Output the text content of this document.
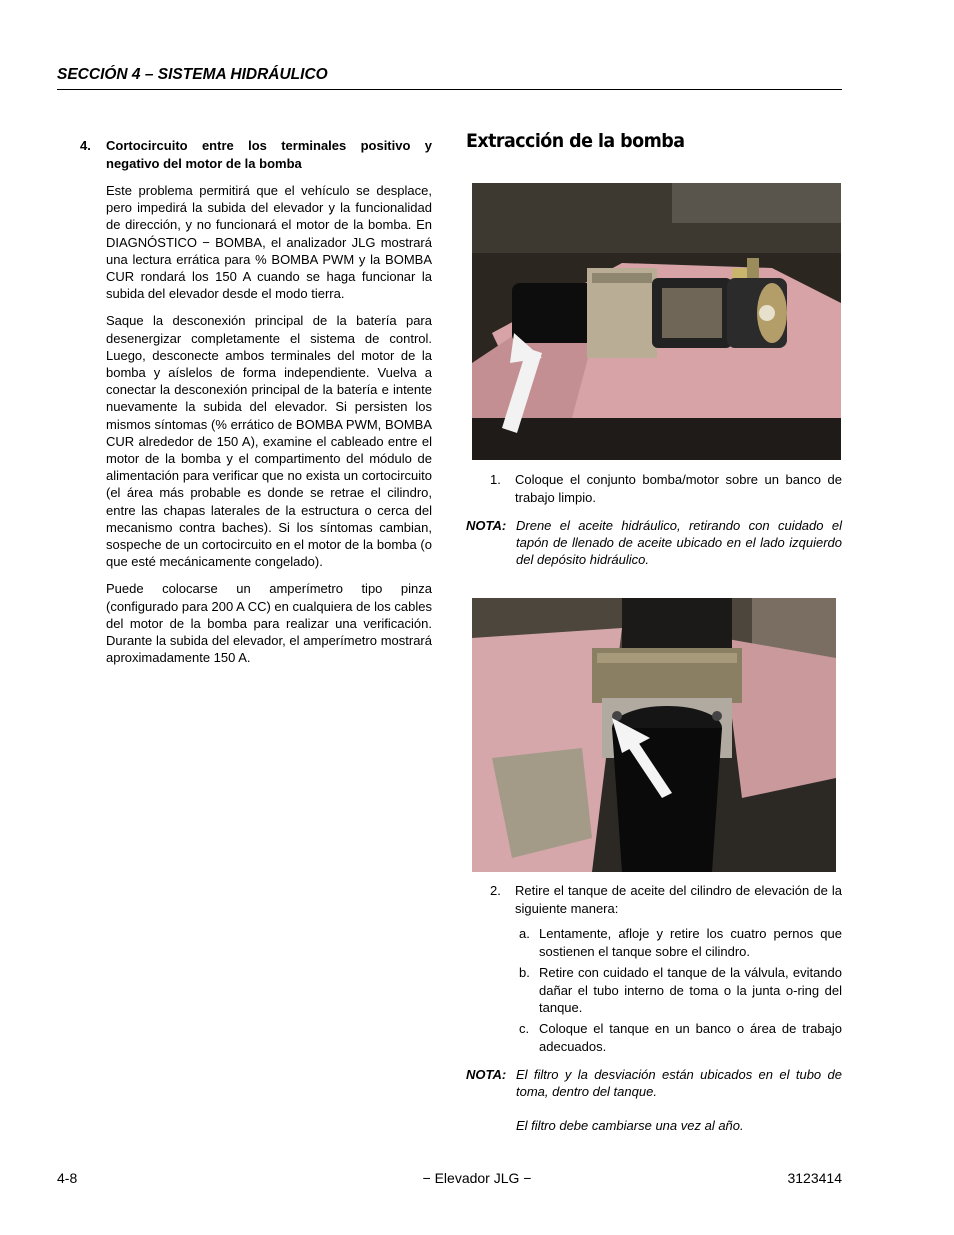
SECCIÓN 4 – SISTEMA HIDRÁULICO
4.	Cortocircuito entre los terminales positivo y negativo del motor de la bomba

Este problema permitirá que el vehículo se desplace, pero impedirá la subida del elevador y la funcionalidad de dirección, y no funcionará el motor de la bomba. En DIAGNÓSTICO − BOMBA, el analizador JLG mostrará una lectura errática para % BOMBA PWM y la BOMBA CUR rondará los 150 A cuando se haga funcionar la subida del elevador desde el modo tierra.

Saque la desconexión principal de la batería para desenergizar completamente el sistema de control. Luego, desconecte ambos terminales del motor de la bomba y aíslelos de forma independiente. Vuelva a conectar la desconexión principal de la batería e intente nuevamente la subida del elevador. Si persisten los mismos síntomas (% errático de BOMBA PWM, BOMBA CUR alrededor de 150 A), examine el cableado entre el motor de la bomba y el compartimento del módulo de alimentación para verificar que no exista un cortocircuito (el área más probable es donde se retrae el cilindro, entre las chapas laterales de la estructura o cerca del mecanismo contra baches). Si los síntomas cambian, sospeche de un cortocircuito en el motor de la bomba (o que esté mecánicamente congelado).

Puede colocarse un amperímetro tipo pinza (configurado para 200 A CC) en cualquiera de los cables del motor de la bomba para realizar una verificación. Durante la subida del elevador, el amperímetro mostrará aproximadamente 150 A.

Extracción de la bomba
1.	Coloque el conjunto bomba/motor sobre un banco de trabajo limpio.
NOTA: Drene el aceite hidráulico, retirando con cuidado el tapón de llenado de aceite ubicado en el lado izquierdo del depósito hidráulico.
2.	Retire el tanque de aceite del cilindro de elevación de la siguiente manera:
a. Lentamente, afloje y retire los cuatro pernos que sostienen el tanque sobre el cilindro.
b. Retire con cuidado el tanque de la válvula, evitando dañar el tubo interno de toma o la junta o-ring del tanque.
c. Coloque el tanque en un banco o área de trabajo adecuados.
NOTA: El filtro y la desviación están ubicados en el tubo de toma, dentro del tanque.
El filtro debe cambiarse una vez al año.
4-8	− Elevador JLG −	3123414
